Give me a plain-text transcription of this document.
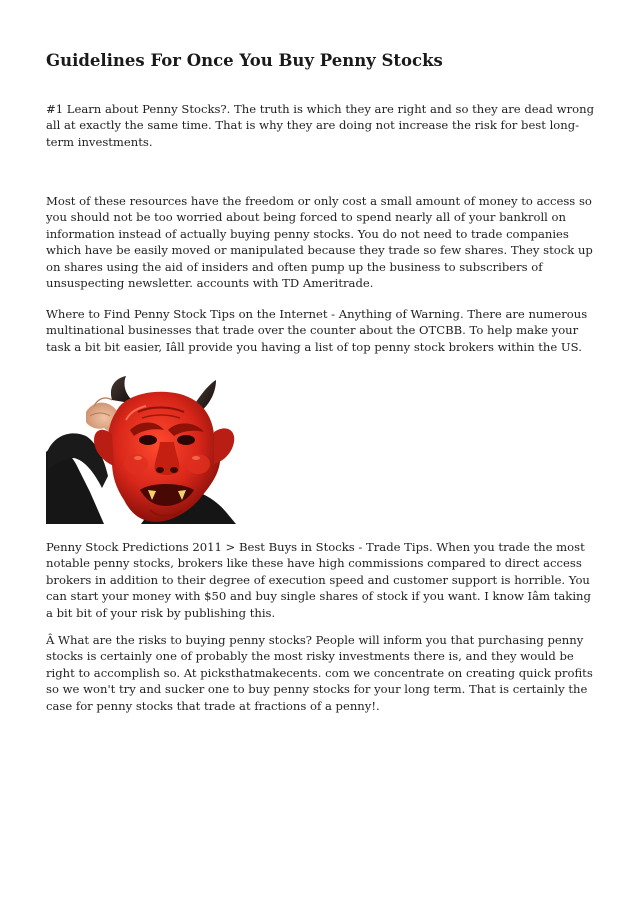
Guidelines For Once You Buy Penny Stocks

#1 Learn about Penny Stocks?. The truth is which they are right and so they are dead wrong all at exactly the same time. That is why they are doing not increase the risk for best long-term investments.

Most of these resources have the freedom or only cost a small amount of money to access so you should not be too worried about being forced to spend nearly all of your bankroll on information instead of actually buying penny stocks. You do not need to trade companies which have be easily moved or manipulated because they trade so few shares. They stock up on shares using the aid of insiders and often pump up the business to subscribers of unsuspecting newsletter. accounts with TD Ameritrade.

Where to Find Penny Stock Tips on the Internet - Anything of Warning. There are numerous multinational businesses that trade over the counter about the OTCBB. To help make your task a bit bit easier, Iâll provide you having a list of top penny stock brokers within the US.

Penny Stock Predictions 2011 > Best Buys in Stocks - Trade Tips. When you trade the most notable penny stocks, brokers like these have high commissions compared to direct access brokers in addition to their degree of execution speed and customer support is horrible. You can start your money with $50 and buy single shares of stock if you want. I know Iâm taking a bit bit of your risk by publishing this.

Â What are the risks to buying penny stocks? People will inform you that purchasing penny stocks is certainly one of probably the most risky investments there is, and they would be right to accomplish so. At picksthatmakecents. com we concentrate on creating quick profits so we won't try and sucker one to buy penny stocks for your long term. That is certainly the case for penny stocks that trade at fractions of a penny!.
